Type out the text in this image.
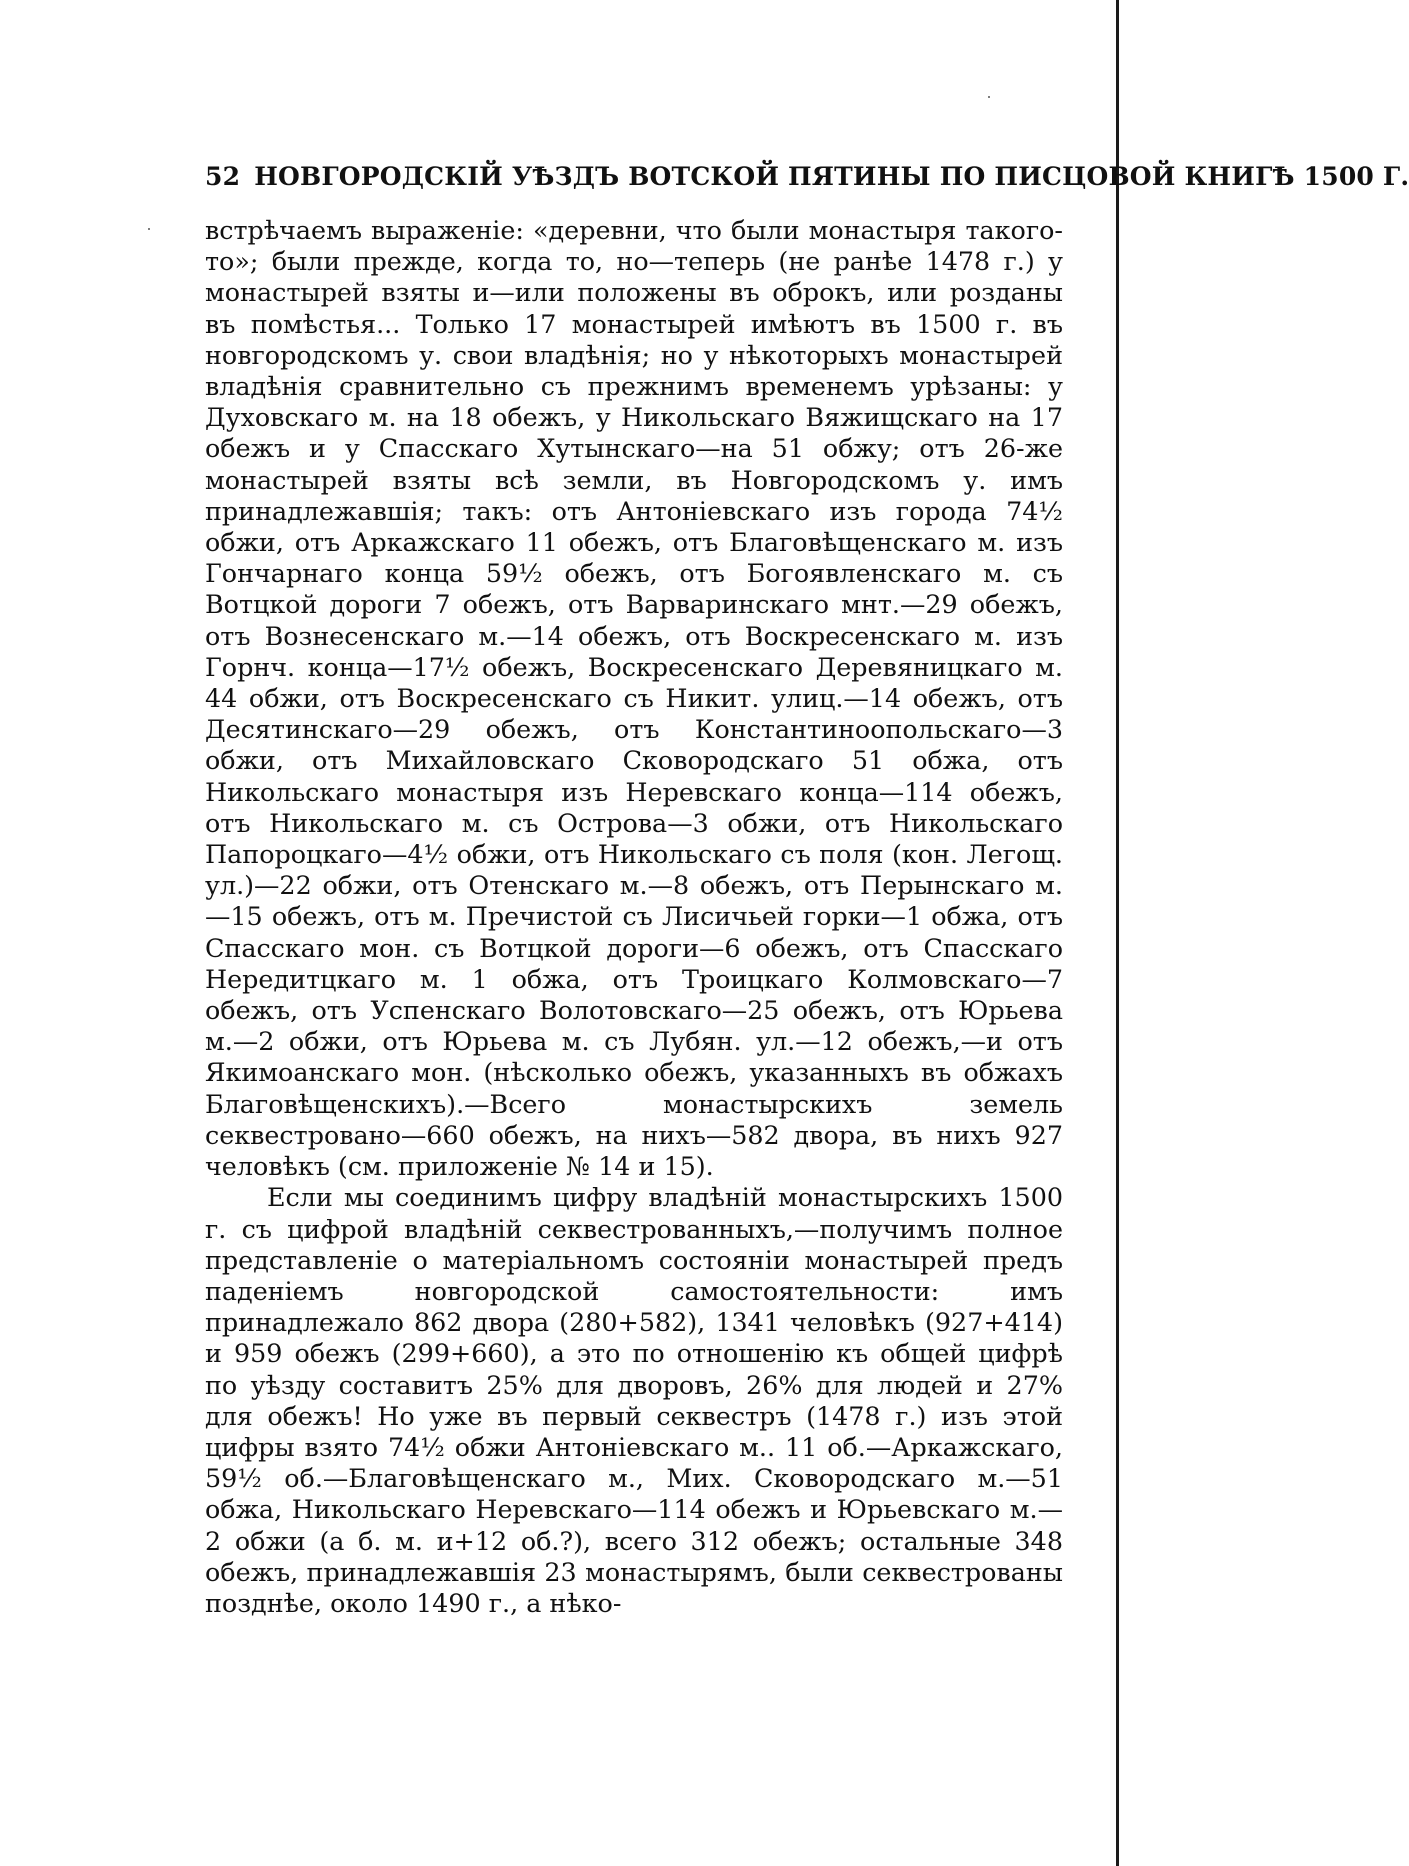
52 НОВГОРОДСКІЙ УѢЗДЪ ВОТСКОЙ ПЯТИНЫ ПО ПИСЦОВОЙ КНИГѢ 1500 Г.

встрѣчаемъ выраженіе: «деревни, что были монастыря такого-то»; были прежде, когда то, но—теперь (не ранѣе 1478 г.) у монастырей взяты и—или положены въ оброкъ, или розданы въ помѣстья... Только 17 монастырей имѣютъ въ 1500 г. въ новгородскомъ у. свои владѣнія; но у нѣкоторыхъ монастырей владѣнія сравнительно съ прежнимъ временемъ урѣзаны: у Духовскаго м. на 18 обежъ, у Никольскаго Вяжищскаго на 17 обежъ и у Спасскаго Хутынскаго—на 51 обжу; отъ 26-же монастырей взяты всѣ земли, въ Новгородскомъ у. имъ принадлежавшія; такъ: отъ Антоніевскаго изъ города 74½ обжи, отъ Аркажскаго 11 обежъ, отъ Благовѣщенскаго м. изъ Гончарнаго конца 59½ обежъ, отъ Богоявленскаго м. съ Вотцкой дороги 7 обежъ, отъ Варваринскаго мнт.—29 обежъ, отъ Вознесенскаго м.—14 обежъ, отъ Воскресенскаго м. изъ Горнч. конца—17½ обежъ, Воскресенскаго Деревяницкаго м. 44 обжи, отъ Воскресенскаго съ Никит. улиц.—14 обежъ, отъ Десятинскаго—29 обежъ, отъ Константиноопольскаго—3 обжи, отъ Михайловскаго Сковородскаго 51 обжа, отъ Никольскаго монастыря изъ Неревскаго конца—114 обежъ, отъ Никольскаго м. съ Острова—3 обжи, отъ Никольскаго Папороцкаго—4½ обжи, отъ Никольскаго съ поля (кон. Легощ. ул.)—22 обжи, отъ Отенскаго м.—8 обежъ, отъ Перынскаго м.—15 обежъ, отъ м. Пречистой съ Лисичьей горки—1 обжа, отъ Спасскаго мон. съ Вотцкой дороги—6 обежъ, отъ Спасскаго Нередитцкаго м. 1 обжа, отъ Троицкаго Колмовскаго—7 обежъ, отъ Успенскаго Волотовскаго—25 обежъ, отъ Юрьева м.—2 обжи, отъ Юрьева м. съ Лубян. ул.—12 обежъ,—и отъ Якимоанскаго мон. (нѣсколько обежъ, указанныхъ въ обжахъ Благовѣщенскихъ).—Всего монастырскихъ земель секвестровано—660 обежъ, на нихъ—582 двора, въ нихъ 927 человѣкъ (см. приложеніе № 14 и 15).

Если мы соединимъ цифру владѣній монастырскихъ 1500 г. съ цифрой владѣній секвестрованныхъ,—получимъ полное представленіе о матеріальномъ состояніи монастырей предъ паденіемъ новгородской самостоятельности: имъ принадлежало 862 двора (280+582), 1341 человѣкъ (927+414) и 959 обежъ (299+660), а это по отношенію къ общей цифрѣ по уѣзду составитъ 25% для дворовъ, 26% для людей и 27% для обежъ! Но уже въ первый секвестръ (1478 г.) изъ этой цифры взято 74½ обжи Антоніевскаго м.. 11 об.—Аркажскаго, 59½ об.—Благовѣщенскаго м., Мих. Сковородскаго м.—51 обжа, Никольскаго Неревскаго—114 обежъ и Юрьевскаго м.—2 обжи (а б. м. и+12 об.?), всего 312 обежъ; остальные 348 обежъ, принадлежавшія 23 монастырямъ, были секвестрованы позднѣе, около 1490 г., а нѣко-
